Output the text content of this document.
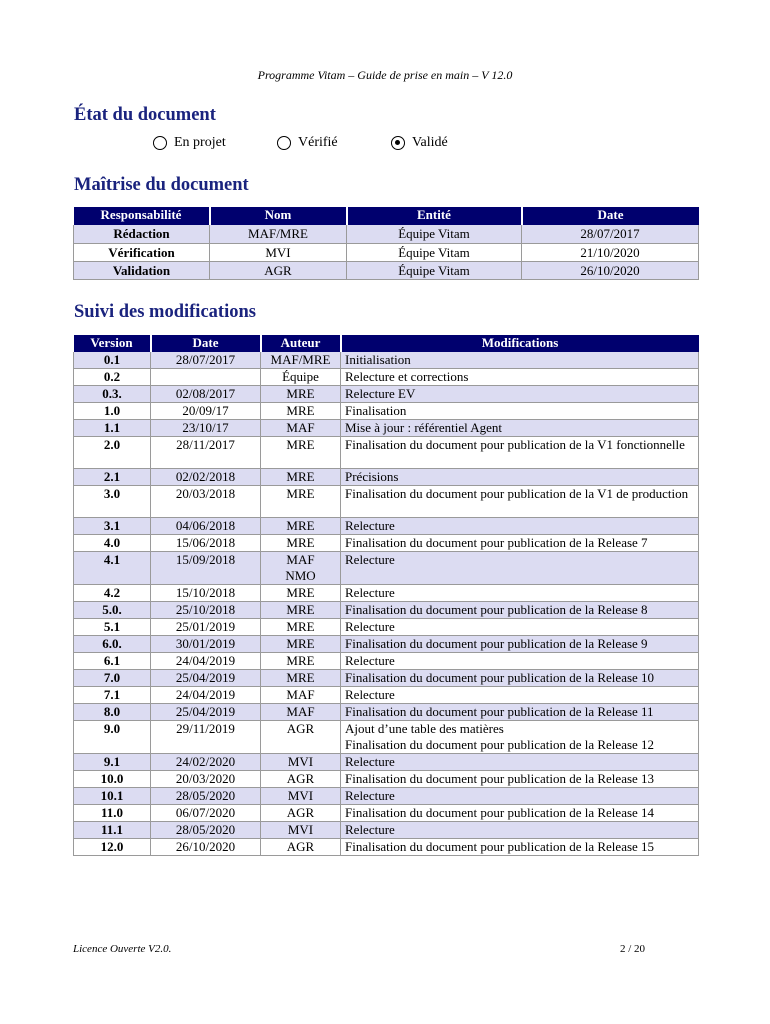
Programme Vitam – Guide de prise en main – V 12.0
État du document
En projet	Vérifié	Validé
Maîtrise du document
Responsabilité	Nom	Entité	Date
Rédaction	MAF/MRE	Équipe Vitam	28/07/2017
Vérification	MVI	Équipe Vitam	21/10/2020
Validation	AGR	Équipe Vitam	26/10/2020
Suivi des modifications
Version	Date	Auteur	Modifications
0.1	28/07/2017	MAF/MRE	Initialisation
0.2		Équipe	Relecture et corrections
0.3.	02/08/2017	MRE	Relecture EV
1.0	20/09/17	MRE	Finalisation
1.1	23/10/17	MAF	Mise à jour : référentiel Agent
2.0	28/11/2017	MRE	Finalisation du document pour publication de la V1 fonctionnelle
2.1	02/02/2018	MRE	Précisions
3.0	20/03/2018	MRE	Finalisation du document pour publication de la V1 de production
3.1	04/06/2018	MRE	Relecture
4.0	15/06/2018	MRE	Finalisation du document pour publication de la Release 7
4.1	15/09/2018	MAF NMO	Relecture
4.2	15/10/2018	MRE	Relecture
5.0.	25/10/2018	MRE	Finalisation du document pour publication de la Release 8
5.1	25/01/2019	MRE	Relecture
6.0.	30/01/2019	MRE	Finalisation du document pour publication de la Release 9
6.1	24/04/2019	MRE	Relecture
7.0	25/04/2019	MRE	Finalisation du document pour publication de la Release 10
7.1	24/04/2019	MAF	Relecture
8.0	25/04/2019	MAF	Finalisation du document pour publication de la Release 11
9.0	29/11/2019	AGR	Ajout d’une table des matières
Finalisation du document pour publication de la Release 12
9.1	24/02/2020	MVI	Relecture
10.0	20/03/2020	AGR	Finalisation du document pour publication de la Release 13
10.1	28/05/2020	MVI	Relecture
11.0	06/07/2020	AGR	Finalisation du document pour publication de la Release 14
11.1	28/05/2020	MVI	Relecture
12.0	26/10/2020	AGR	Finalisation du document pour publication de la Release 15
Licence Ouverte V2.0.	2 / 20
